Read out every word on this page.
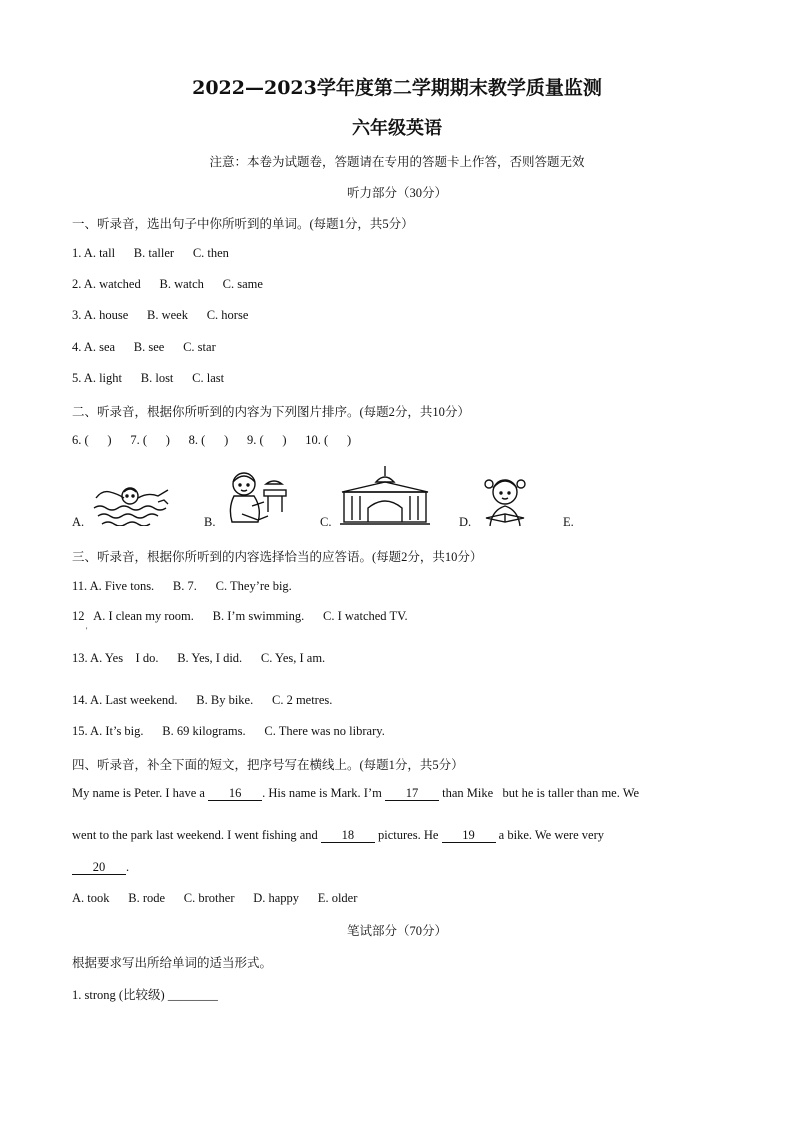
2022—2023学年度第二学期期末教学质量监测
六年级英语
注意：本卷为试题卷，答题请在专用的答题卡上作答，否则答题无效
听力部分（30分）
一、听录音，选出句子中你所听到的单词。(每题1分，共5分）
1. A. tall      B. taller      C. then
2. A. watched      B. watch      C. same
3. A. house      B. week      C. horse
4. A. sea      B. see      C. star
5. A. light      B. lost      C. last
二、听录音，根据你所听到的内容为下列图片排序。(每题2分，共10分）
6. (      )      7. (      )      8. (      )      9. (      )      10. (      )
A.	B.	C.	D.	E.
三、听录音，根据你所听到的内容选择恰当的应答语。(每题2分，共10分）
11. A. Five tons.      B. 7.      C. They’re big.
12   A. I clean my room.      B. I’m swimming.      C. I watched TV.
'
13. A. Yes    I do.      B. Yes, I did.      C. Yes, I am.
14. A. Last weekend.      B. By bike.      C. 2 metres.
15. A. It’s big.      B. 69 kilograms.      C. There was no library.
四、听录音，补全下面的短文，把序号写在横线上。(每题1分，共5分）
My name is Peter. I have a 16 . His name is Mark. I’m 17 than Mike   but he is taller than me. We
went to the park last weekend. I went fishing and 18 pictures. He 19 a bike. We were very
20 .
A. took      B. rode      C. brother      D. happy      E. older
笔试部分（70分）
根据要求写出所给单词的适当形式。
1. strong (比较级) ________
